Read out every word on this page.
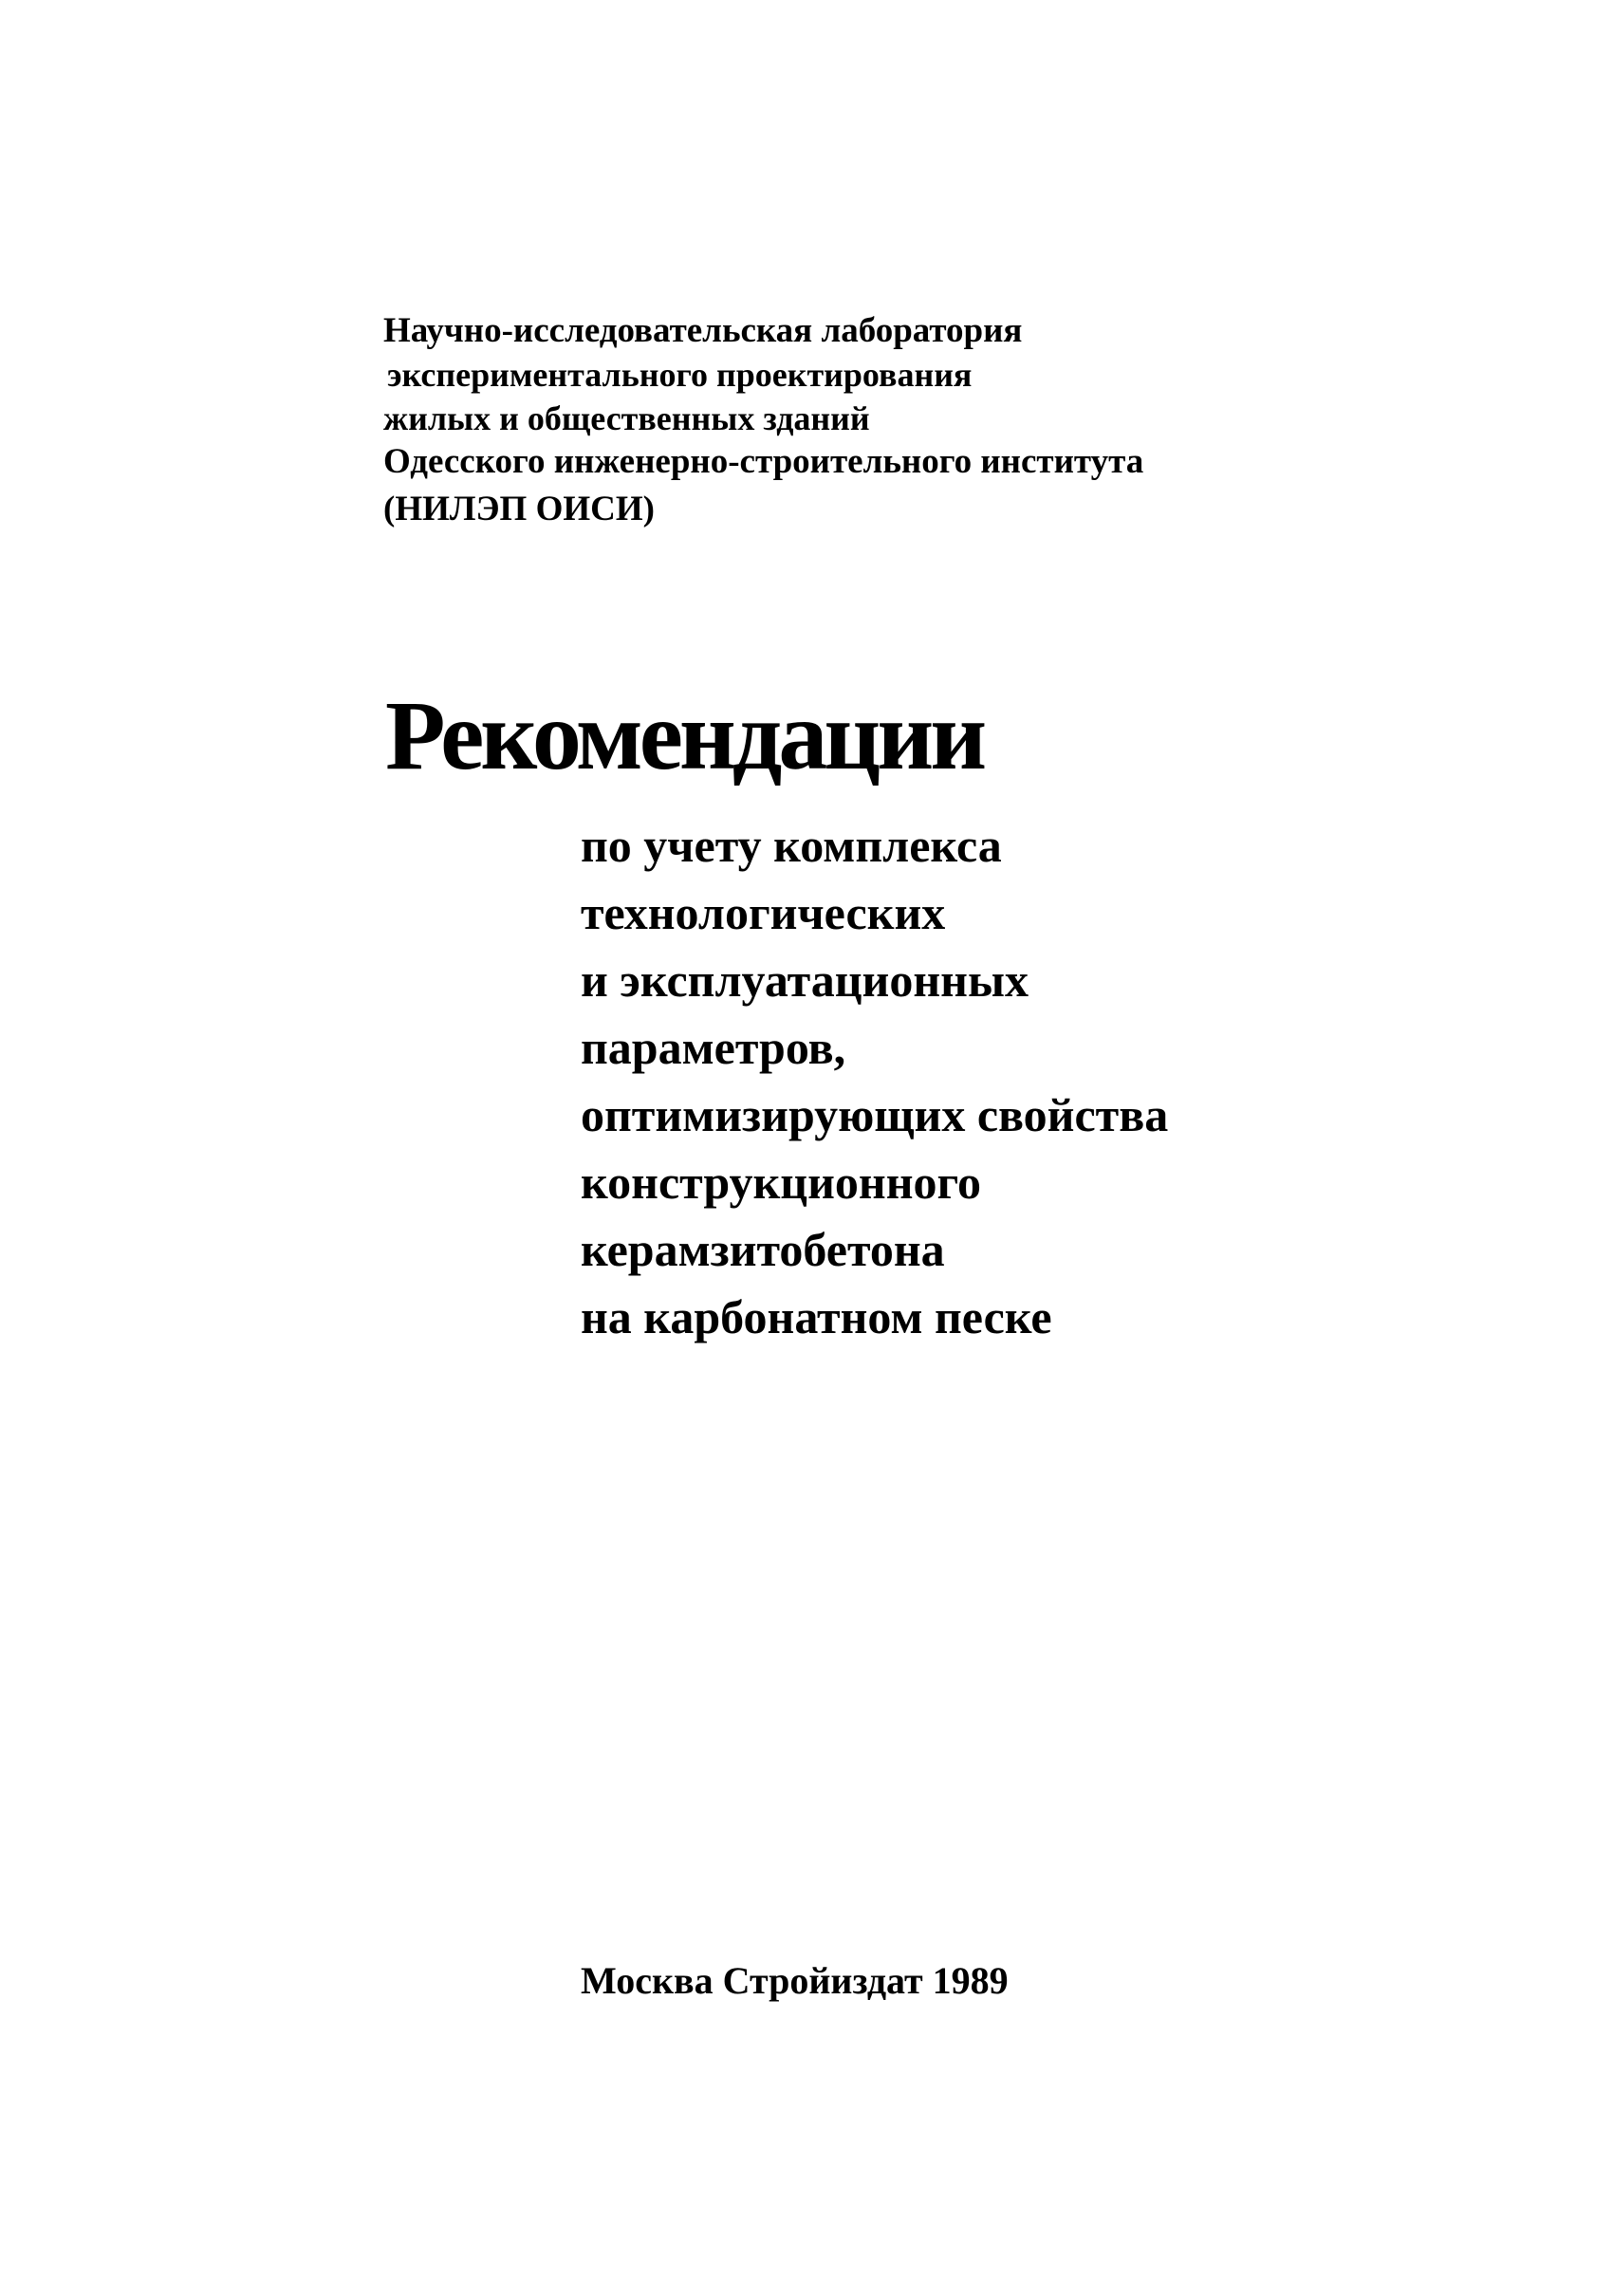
Научно-исследовательская лаборатория
экспериментального проектирования
жилых и общественных зданий
Одесского инженерно-строительного института
(НИЛЭП ОИСИ)
Рекомендации
по учету комплекса
технологических
и эксплуатационных
параметров,
оптимизирующих свойства
конструкционного
керамзитобетона
на карбонатном песке
Москва Стройиздат 1989
